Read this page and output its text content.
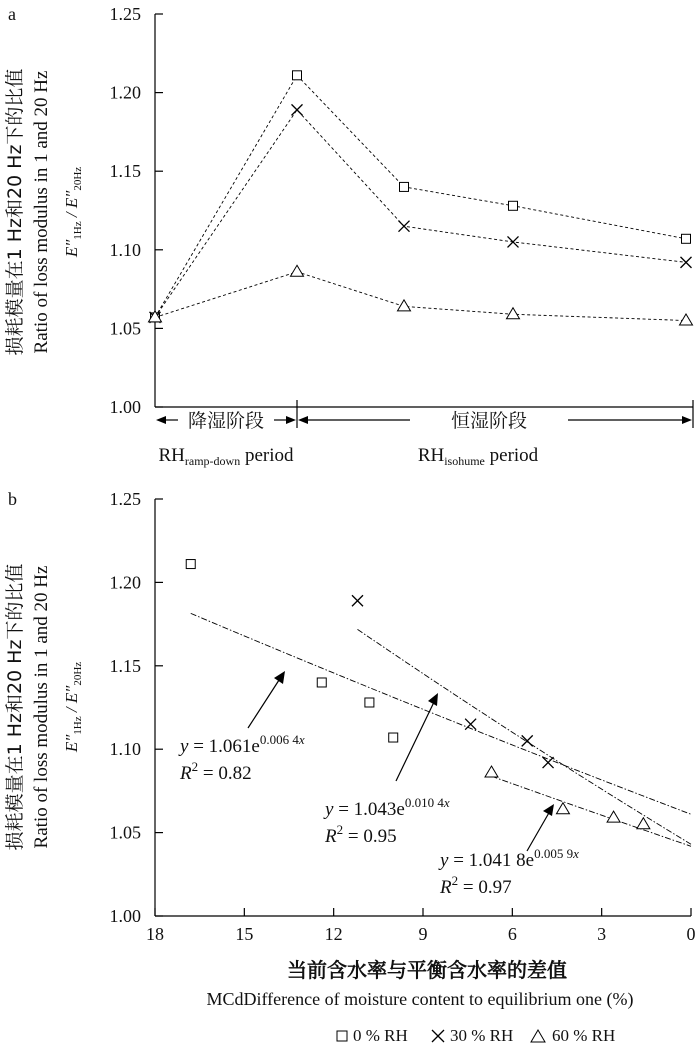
a
损耗模量在1 Hz和20 Hz下的比值 Ratio of loss modulus in 1 and 20 Hz $E''_{1Hz} / E''_{20Hz}$
1.00
1.05
1.10
1.15
1.20
1.25
降湿阶段	恒湿阶段
$RH_{ramp-down}$ period	$RH_{isohume}$ period
b
损耗模量在1 Hz和20 Hz下的比值 Ratio of loss modulus in 1 and 20 Hz $E''_{1Hz} / E''_{20Hz}$
1.00
1.05
1.10
1.15
1.20
1.25
18	15	12	9	6	3	0
$y = 1.061e^{0.006 4x}$
$R^2 = 0.82$
$y = 1.043e^{0.010 4x}$
$R^2 = 0.95$
y = 1.041 $8e^{0.005 9x}$
$R^2 = 0.97$
当前含水率与平衡含水率的差值
MCdDifference of moisture content to equilibrium one (%)
0 % RH 30 % RH 60 % RH
